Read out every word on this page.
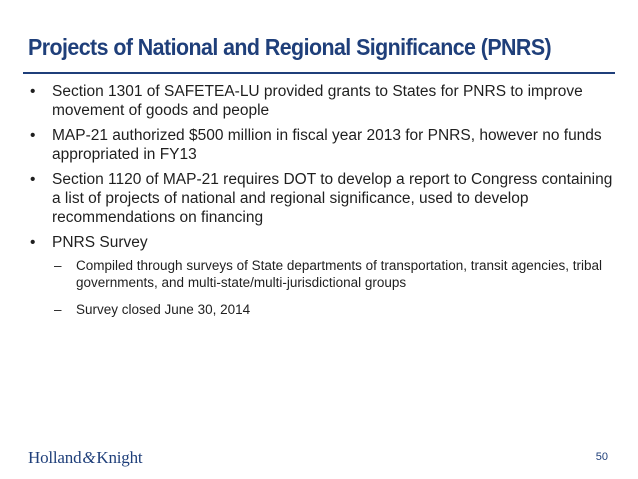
Projects of National and Regional Significance (PNRS)
• Section 1301 of SAFETEA-LU provided grants to States for PNRS to improve movement of goods and people
• MAP-21 authorized $500 million in fiscal year 2013 for PNRS, however no funds appropriated in FY13
• Section 1120 of MAP-21 requires DOT to develop a report to Congress containing a list of projects of national and regional significance, used to develop recommendations on financing
• PNRS Survey
– Compiled through surveys of State departments of transportation, transit agencies, tribal governments, and multi-state/multi-jurisdictional groups
– Survey closed June 30, 2014
Holland&Knight	50
